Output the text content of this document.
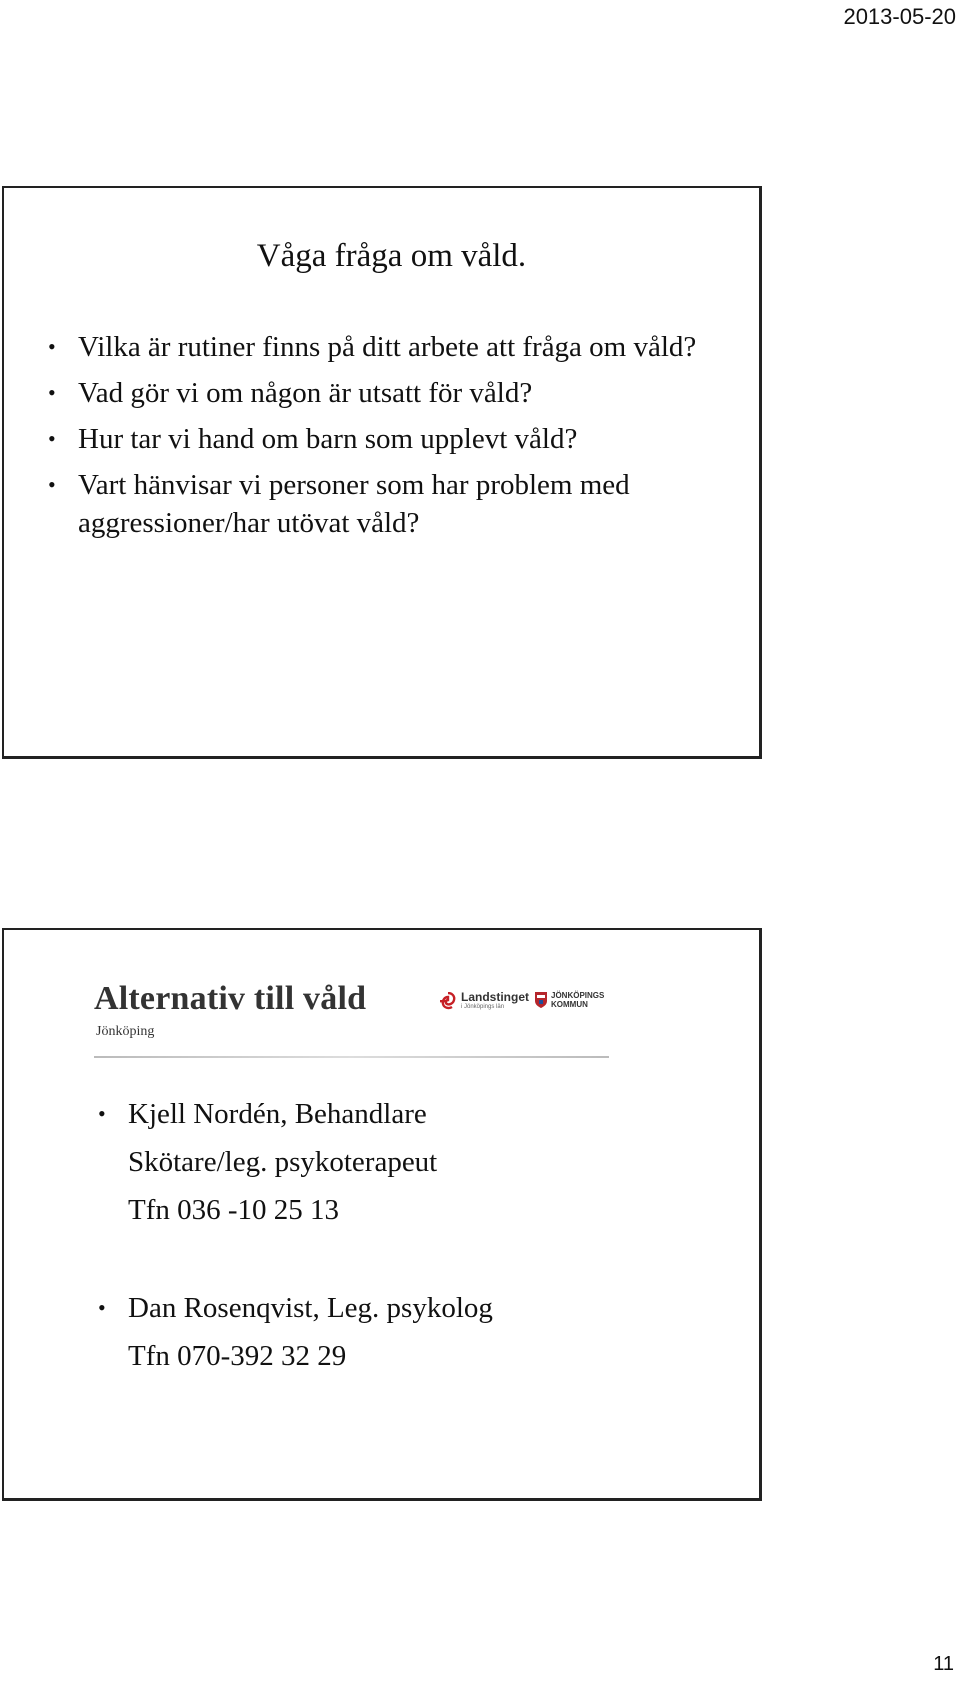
2013-05-20
Våga fråga om våld.
• Vilka är rutiner finns på ditt arbete att fråga om våld?
• Vad gör vi om någon är utsatt för våld?
• Hur tar vi hand om barn som upplevt våld?
• Vart hänvisar vi personer som har problem med aggressioner/har utövat våld?
Alternativ till våld
Jönköping
Landstinget
i Jönköpings län
JÖNKÖPINGS
KOMMUN
• Kjell Nordén, Behandlare
Skötare/leg. psykoterapeut
Tfn 036 -10 25 13
• Dan Rosenqvist, Leg. psykolog
Tfn 070-392 32 29
11
